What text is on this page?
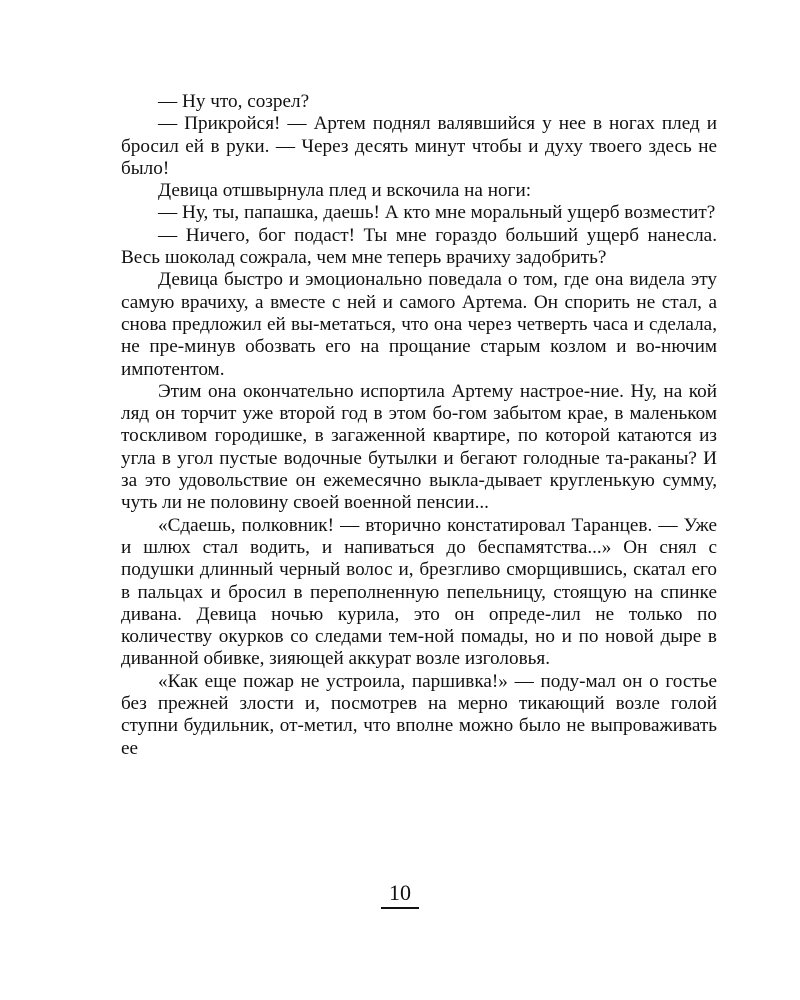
— Ну что, созрел?

— Прикройся! — Артем поднял валявшийся у нее в ногах плед и бросил ей в руки. — Через десять минут чтобы и духу твоего здесь не было!

Девица отшвырнула плед и вскочила на ноги:

— Ну, ты, папашка, даешь! А кто мне моральный ущерб возместит?

— Ничего, бог подаст! Ты мне гораздо больший ущерб нанесла. Весь шоколад сожрала, чем мне теперь врачиху задобрить?

Девица быстро и эмоционально поведала о том, где она видела эту самую врачиху, а вместе с ней и самого Артема. Он спорить не стал, а снова предложил ей вы-метаться, что она через четверть часа и сделала, не пре-минув обозвать его на прощание старым козлом и во-нючим импотентом.

Этим она окончательно испортила Артему настрое-ние. Ну, на кой ляд он торчит уже второй год в этом бо-гом забытом крае, в маленьком тоскливом городишке, в загаженной квартире, по которой катаются из угла в угол пустые водочные бутылки и бегают голодные та-раканы? И за это удовольствие он ежемесячно выкла-дывает кругленькую сумму, чуть ли не половину своей военной пенсии...

«Сдаешь, полковник! — вторично констатировал Таранцев. — Уже и шлюх стал водить, и напиваться до беспамятства...» Он снял с подушки длинный черный волос и, брезгливо сморщившись, скатал его в пальцах и бросил в переполненную пепельницу, стоящую на спинке дивана. Девица ночью курила, это он опреде-лил не только по количеству окурков со следами тем-ной помады, но и по новой дыре в диванной обивке, зияющей аккурат возле изголовья.

«Как еще пожар не устроила, паршивка!» — поду-мал он о гостье без прежней злости и, посмотрев на мерно тикающий возле голой ступни будильник, от-метил, что вполне можно было не выпроваживать ее

10
